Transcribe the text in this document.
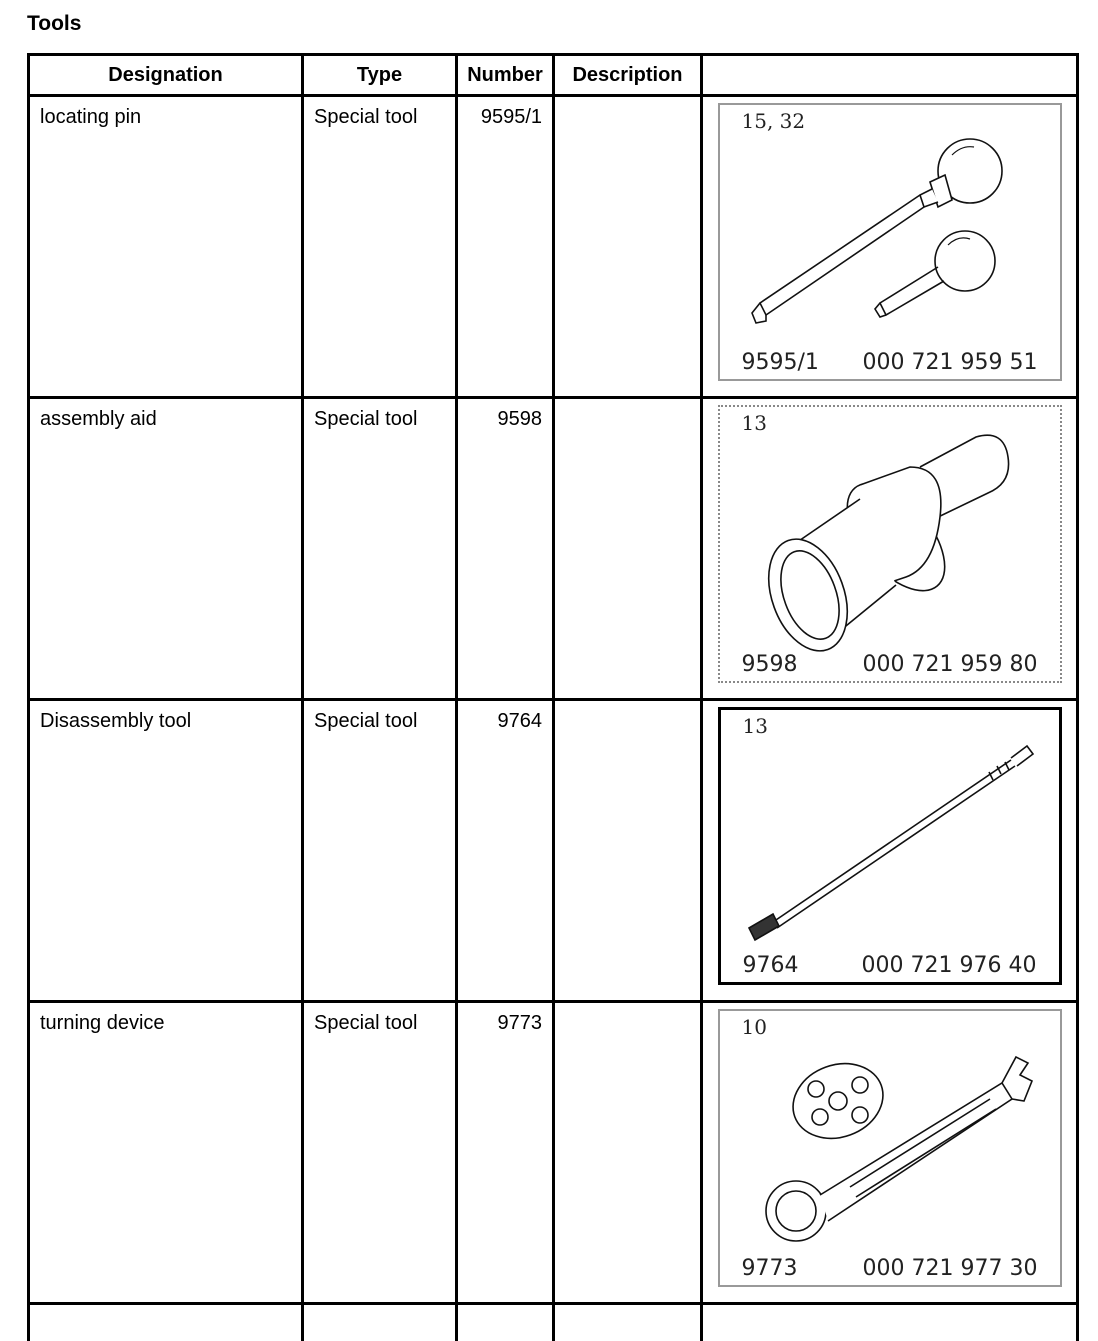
Tools
Designation	Type	Number	Description	
locating pin	Special tool	9595/1		15, 32
9595/1 000 721 959 51

assembly aid	Special tool	9598		13
9598 000 721 959 80

Disassembly tool	Special tool	9764		13
9764 000 721 976 40

turning device	Special tool	9773		10
9773 000 721 977 30
